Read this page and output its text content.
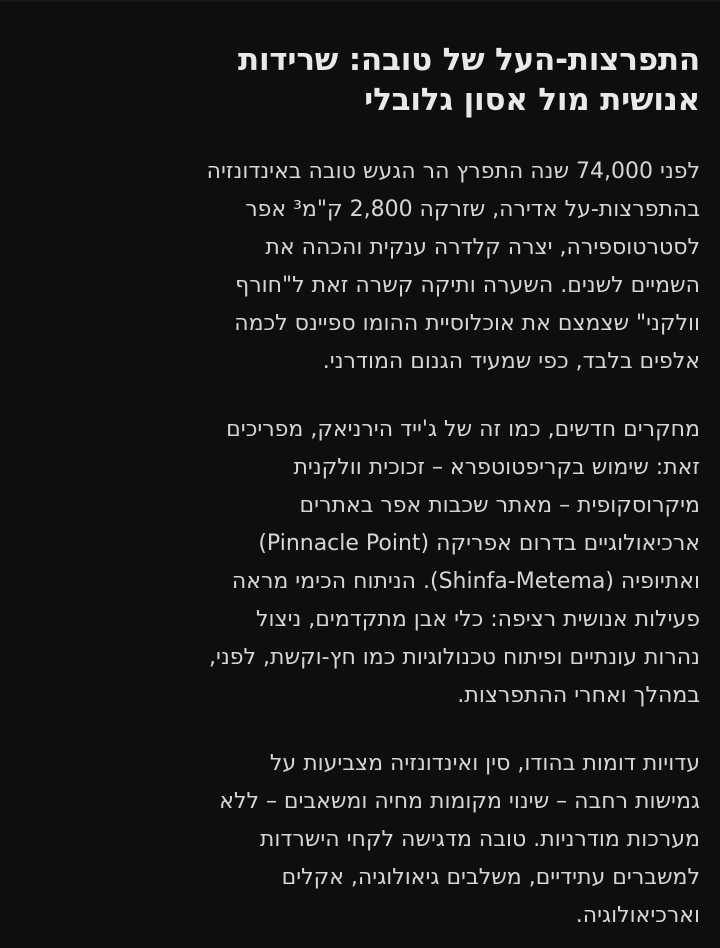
התפרצות-העל של טובה: שרידות
אנושית מול אסון גלובלי
לפני 74,000 שנה התפרץ הר הגעש טובה באינדונזיה
בהתפרצות-על אדירה, שזרקה 2,800 ק"מ³ אפר
לסטרטוספירה, יצרה קלדרה ענקית והכהה את
השמיים לשנים. השערה ותיקה קשרה זאת ל"חורף
וולקני" שצמצם את אוכלוסיית ההומו ספיינס לכמה
אלפים בלבד, כפי שמעיד הגנום המודרני.
מחקרים חדשים, כמו זה של ג'ייד הירניאק, מפריכים
זאת: שימוש בקריפטוטפרא – זכוכית וולקנית
מיקרוסקופית – מאתר שכבות אפר באתרים
ארכיאולוגיים בדרום אפריקה (Pinnacle Point)
ואתיופיה (Shinfa-Metema). הניתוח הכימי מראה
פעילות אנושית רציפה: כלי אבן מתקדמים, ניצול
נהרות עונתיים ופיתוח טכנולוגיות כמו חץ-וקשת, לפני,
במהלך ואחרי ההתפרצות.
עדויות דומות בהודו, סין ואינדונזיה מצביעות על
גמישות רחבה – שינוי מקומות מחיה ומשאבים – ללא
מערכות מודרניות. טובה מדגישה לקחי הישרדות
למשברים עתידיים, משלבים גיאולוגיה, אקלים
וארכיאולוגיה.
